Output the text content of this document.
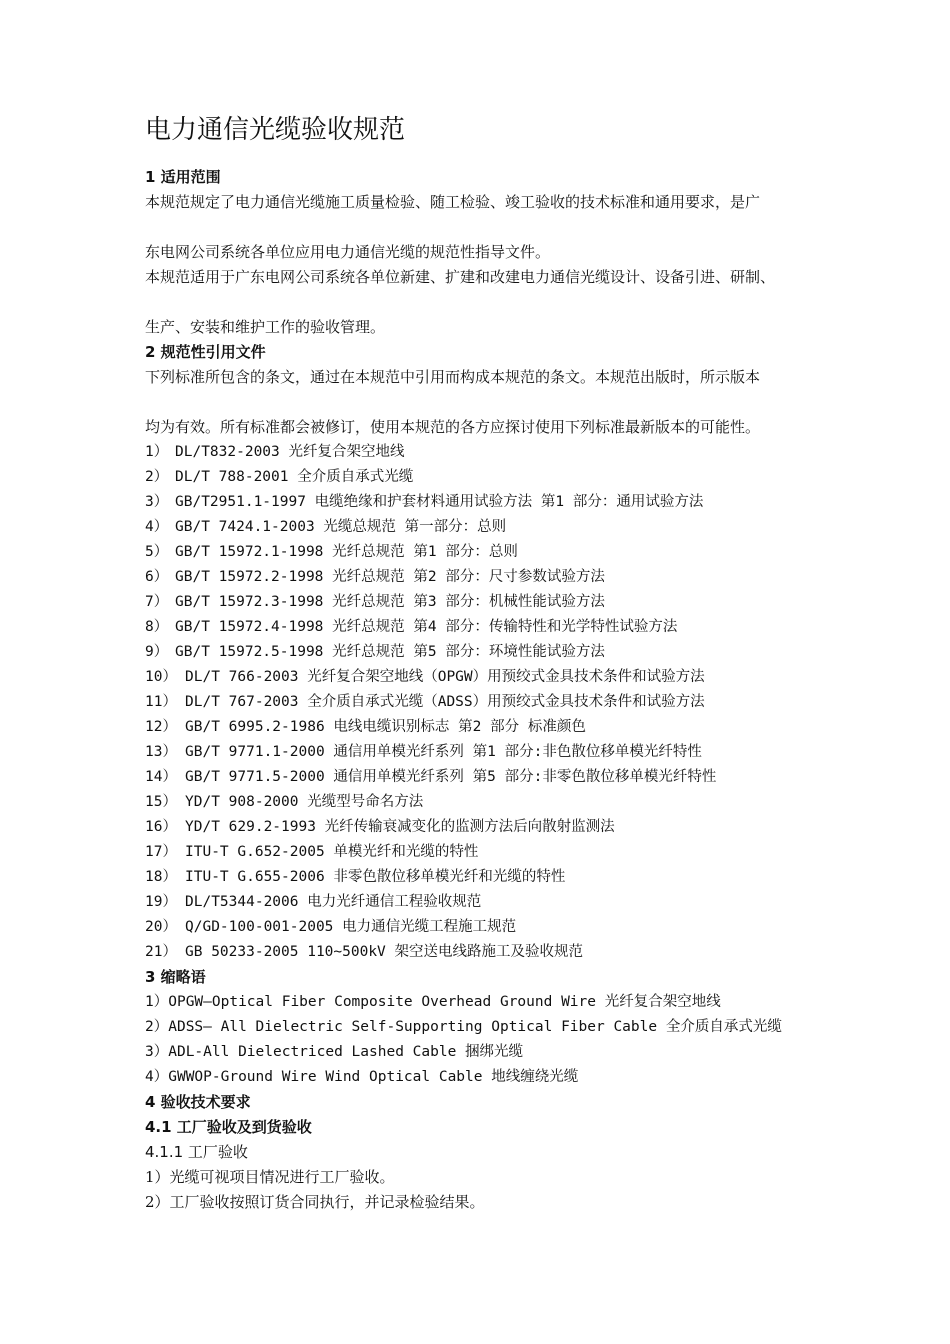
电力通信光缆验收规范
1 适用范围
本规范规定了电力通信光缆施工质量检验、随工检验、竣工验收的技术标准和通用要求，是广
东电网公司系统各单位应用电力通信光缆的规范性指导文件。
本规范适用于广东电网公司系统各单位新建、扩建和改建电力通信光缆设计、设备引进、研制、
生产、安装和维护工作的验收管理。
2 规范性引用文件
下列标准所包含的条文，通过在本规范中引用而构成本规范的条文。本规范出版时，所示版本
均为有效。所有标准都会被修订，使用本规范的各方应探讨使用下列标准最新版本的可能性。
1） DL/T832-2003 光纤复合架空地线
2） DL/T 788-2001 全介质自承式光缆
3） GB/T2951.1-1997 电缆绝缘和护套材料通用试验方法 第1 部分：通用试验方法
4） GB/T 7424.1-2003 光缆总规范 第一部分：总则
5） GB/T 15972.1-1998 光纤总规范 第1 部分：总则
6） GB/T 15972.2-1998 光纤总规范 第2 部分：尺寸参数试验方法
7） GB/T 15972.3-1998 光纤总规范 第3 部分：机械性能试验方法
8） GB/T 15972.4-1998 光纤总规范 第4 部分：传输特性和光学特性试验方法
9） GB/T 15972.5-1998 光纤总规范 第5 部分：环境性能试验方法
10） DL/T 766-2003 光纤复合架空地线（OPGW）用预绞式金具技术条件和试验方法
11） DL/T 767-2003 全介质自承式光缆（ADSS）用预绞式金具技术条件和试验方法
12） GB/T 6995.2-1986 电线电缆识别标志 第2 部分 标准颜色
13） GB/T 9771.1-2000 通信用单模光纤系列 第1 部分:非色散位移单模光纤特性
14） GB/T 9771.5-2000 通信用单模光纤系列 第5 部分:非零色散位移单模光纤特性
15） YD/T 908-2000 光缆型号命名方法
16） YD/T 629.2-1993 光纤传输衰减变化的监测方法后向散射监测法
17） ITU-T G.652-2005 单模光纤和光缆的特性
18） ITU-T G.655-2006 非零色散位移单模光纤和光缆的特性
19） DL/T5344-2006 电力光纤通信工程验收规范
20） Q/GD-100-001-2005 电力通信光缆工程施工规范
21） GB 50233-2005 110~500kV 架空送电线路施工及验收规范
3 缩略语
1）OPGW—Optical Fiber Composite Overhead Ground Wire 光纤复合架空地线
2）ADSS— All Dielectric Self-Supporting Optical Fiber Cable 全介质自承式光缆
3）ADL-All Dielectriced Lashed Cable 捆绑光缆
4）GWWOP-Ground Wire Wind Optical Cable 地线缠绕光缆
4 验收技术要求
4.1 工厂验收及到货验收
4.1.1 工厂验收
1）光缆可视项目情况进行工厂验收。
2）工厂验收按照订货合同执行，并记录检验结果。
